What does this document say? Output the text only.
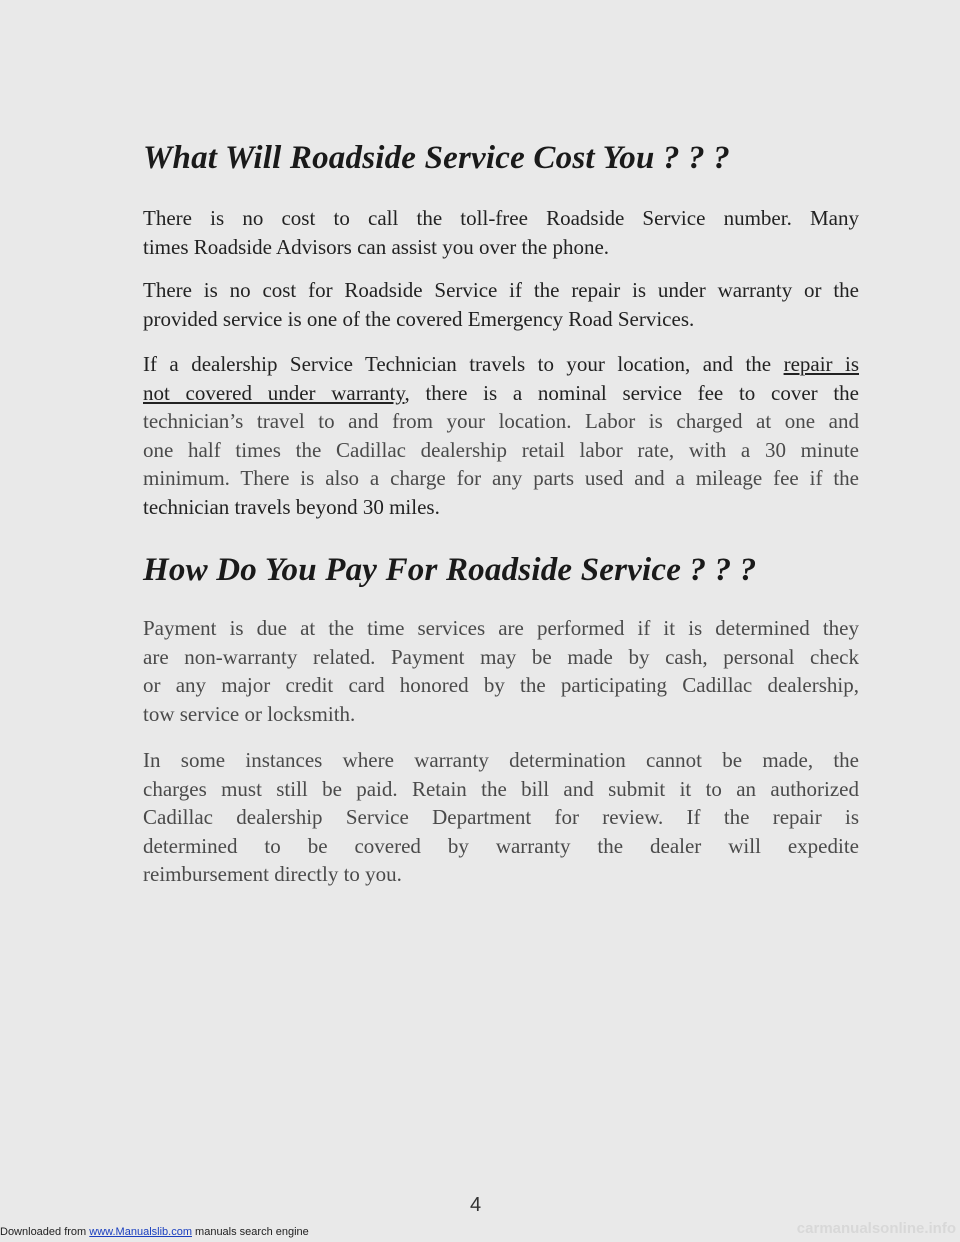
What Will Roadside Service Cost You ? ? ?

There is no cost to call the toll-free Roadside Service number. Many
times Roadside Advisors can assist you over the phone.

There is no cost for Roadside Service if the repair is under warranty or the
provided service is one of the covered Emergency Road Services.

If a dealership Service Technician travels to your location, and the repair is
not covered under warranty, there is a nominal service fee to cover the
technician’s travel to and from your location. Labor is charged at one and
one half times the Cadillac dealership retail labor rate, with a 30 minute
minimum. There is also a charge for any parts used and a mileage fee if the
technician travels beyond 30 miles.

How Do You Pay For Roadside Service ? ? ?

Payment is due at the time services are performed if it is determined they
are non-warranty related. Payment may be made by cash, personal check
or any major credit card honored by the participating Cadillac dealership,
tow service or locksmith.

In some instances where warranty determination cannot be made, the
charges must still be paid. Retain the bill and submit it to an authorized
Cadillac dealership Service Department for review. If the repair is
determined to be covered by warranty the dealer will expedite
reimbursement directly to you.

4
Downloaded from www.Manualslib.com manuals search engine	carmanualsonline.info
